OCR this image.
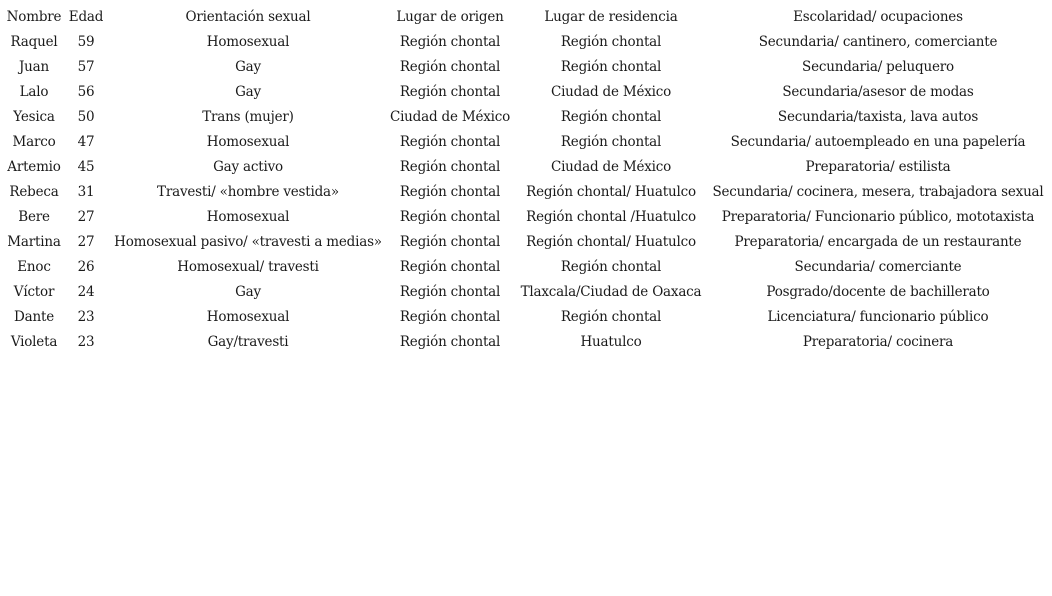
Nombre	Edad	Orientación sexual	Lugar de origen	Lugar de residencia	Escolaridad/ ocupaciones
Raquel	59	Homosexual	Región chontal	Región chontal	Secundaria/ cantinero, comerciante
Juan	57	Gay	Región chontal	Región chontal	Secundaria/ peluquero
Lalo	56	Gay	Región chontal	Ciudad de México	Secundaria/asesor de modas
Yesica	50	Trans (mujer)	Ciudad de México	Región chontal	Secundaria/taxista, lava autos
Marco	47	Homosexual	Región chontal	Región chontal	Secundaria/ autoempleado en una papelería
Artemio	45	Gay activo	Región chontal	Ciudad de México	Preparatoria/ estilista
Rebeca	31	Travesti/ «hombre vestida»	Región chontal	Región chontal/ Huatulco	Secundaria/ cocinera, mesera, trabajadora sexual
Bere	27	Homosexual	Región chontal	Región chontal /Huatulco	Preparatoria/ Funcionario público, mototaxista
Martina	27	Homosexual pasivo/ «travesti a medias»	Región chontal	Región chontal/ Huatulco	Preparatoria/ encargada de un restaurante
Enoc	26	Homosexual/ travesti	Región chontal	Región chontal	Secundaria/ comerciante
Víctor	24	Gay	Región chontal	Tlaxcala/Ciudad de Oaxaca	Posgrado/docente de bachillerato
Dante	23	Homosexual	Región chontal	Región chontal	Licenciatura/ funcionario público
Violeta	23	Gay/travesti	Región chontal	Huatulco	Preparatoria/ cocinera
